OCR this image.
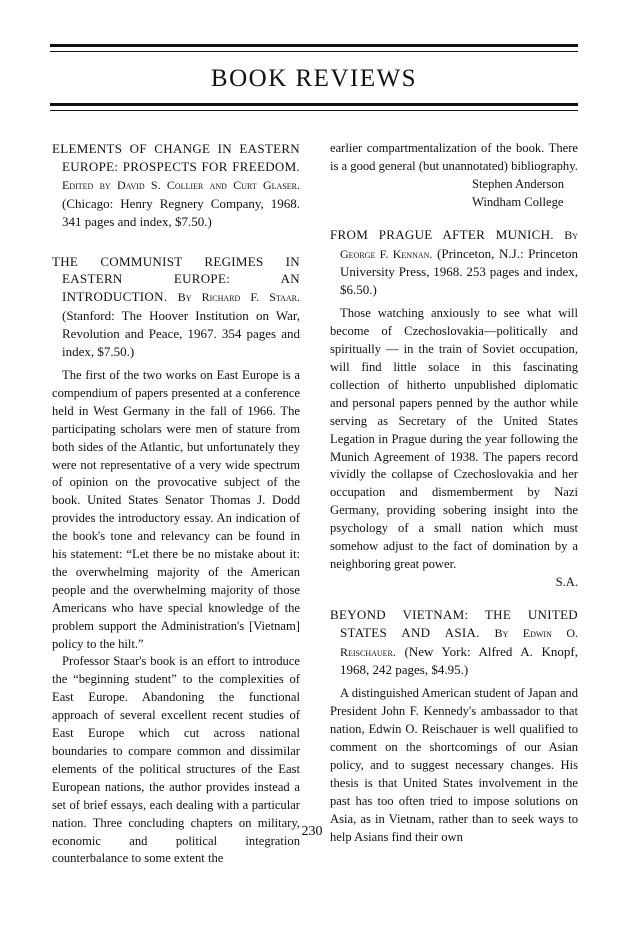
BOOK REVIEWS

ELEMENTS OF CHANGE IN EASTERN EUROPE: PROSPECTS FOR FREEDOM. Edited by David S. Collier and Curt Glaser. (Chicago: Henry Regnery Company, 1968. 341 pages and index, $7.50.)

THE COMMUNIST REGIMES IN EASTERN EUROPE: AN INTRODUCTION. By Richard F. Staar. (Stanford: The Hoover Institution on War, Revolution and Peace, 1967. 354 pages and index, $7.50.)

The first of the two works on East Europe is a compendium of papers presented at a conference held in West Germany in the fall of 1966. The participating scholars were men of stature from both sides of the Atlantic, but unfortunately they were not representative of a very wide spectrum of opinion on the provocative subject of the book. United States Senator Thomas J. Dodd provides the introductory essay. An indication of the book's tone and relevancy can be found in his statement: “Let there be no mistake about it: the overwhelming majority of the American people and the overwhelming majority of those Americans who have special knowledge of the problem support the Administration's [Vietnam] policy to the hilt.”

Professor Staar's book is an effort to introduce the “beginning student” to the complexities of East Europe. Abandoning the functional approach of several excellent recent studies of East Europe which cut across national boundaries to compare common and dissimilar elements of the political structures of the East European nations, the author provides instead a set of brief essays, each dealing with a particular nation. Three concluding chapters on military, economic and political integration counterbalance to some extent the

earlier compartmentalization of the book. There is a good general (but unannotated) bibliography.

Stephen Anderson

Windham College

FROM PRAGUE AFTER MUNICH. By George F. Kennan. (Princeton, N.J.: Princeton University Press, 1968. 253 pages and index, $6.50.)

Those watching anxiously to see what will become of Czechoslovakia—politically and spiritually — in the train of Soviet occupation, will find little solace in this fascinating collection of hitherto unpublished diplomatic and personal papers penned by the author while serving as Secretary of the United States Legation in Prague during the year following the Munich Agreement of 1938. The papers record vividly the collapse of Czechoslovakia and her occupation and dismemberment by Nazi Germany, providing sobering insight into the psychology of a small nation which must somehow adjust to the fact of domination by a neighboring great power.

S.A.

BEYOND VIETNAM: THE UNITED STATES AND ASIA. By Edwin O. Reischauer. (New York: Alfred A. Knopf, 1968, 242 pages, $4.95.)

A distinguished American student of Japan and President John F. Kennedy's ambassador to that nation, Edwin O. Reischauer is well qualified to comment on the shortcomings of our Asian policy, and to suggest necessary changes. His thesis is that United States involvement in the past has too often tried to impose solutions on Asia, as in Vietnam, rather than to seek ways to help Asians find their own

230
